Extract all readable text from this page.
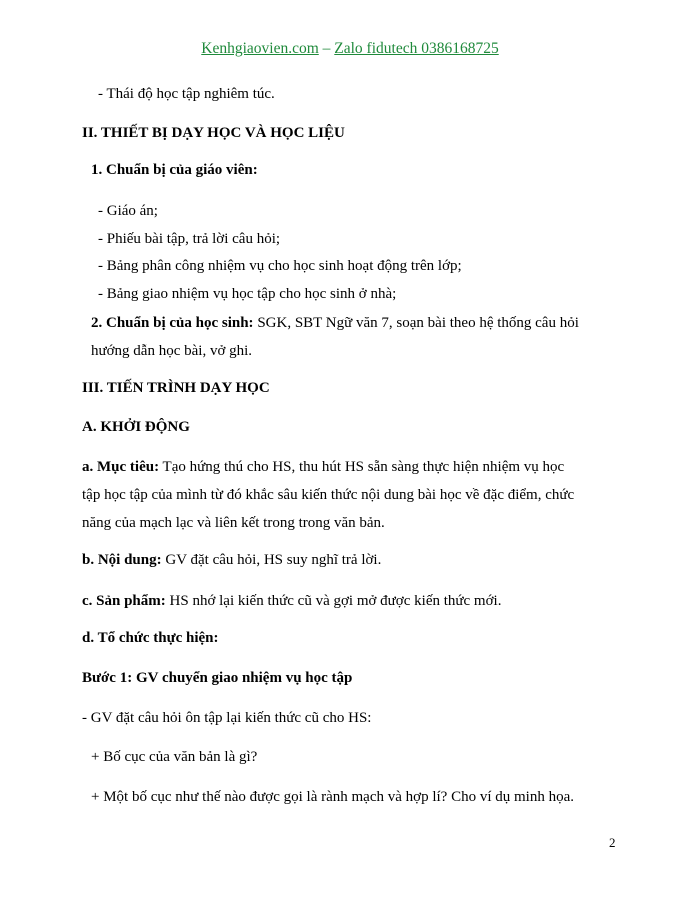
Kenhgiaovien.com – Zalo fidutech 0386168725
- Thái độ học tập nghiêm túc.
II. THIẾT BỊ DẠY HỌC VÀ HỌC LIỆU
1. Chuẩn bị của giáo viên:
- Giáo án;
- Phiếu bài tập, trả lời câu hỏi;
- Bảng phân công nhiệm vụ cho học sinh hoạt động trên lớp;
- Bảng giao nhiệm vụ học tập cho học sinh ở nhà;
2. Chuẩn bị của học sinh: SGK, SBT Ngữ văn 7, soạn bài theo hệ thống câu hỏi
hướng dẫn học bài, vở ghi.
III. TIẾN TRÌNH DẠY HỌC
A. KHỞI ĐỘNG
a. Mục tiêu: Tạo hứng thú cho HS, thu hút HS sẵn sàng thực hiện nhiệm vụ học
tập học tập của mình từ đó khắc sâu kiến thức nội dung bài học về đặc điểm, chức
năng của mạch lạc và liên kết trong trong văn bản.
b. Nội dung: GV đặt câu hỏi, HS suy nghĩ trả lời.
c. Sản phẩm: HS nhớ lại kiến thức cũ và gợi mở được kiến thức mới.
d. Tổ chức thực hiện:
Bước 1: GV chuyển giao nhiệm vụ học tập
- GV đặt câu hỏi ôn tập lại kiến thức cũ cho HS:
+ Bố cục của văn bản là gì?
+ Một bố cục như thế nào được gọi là rành mạch và hợp lí? Cho ví dụ minh họa.
2
